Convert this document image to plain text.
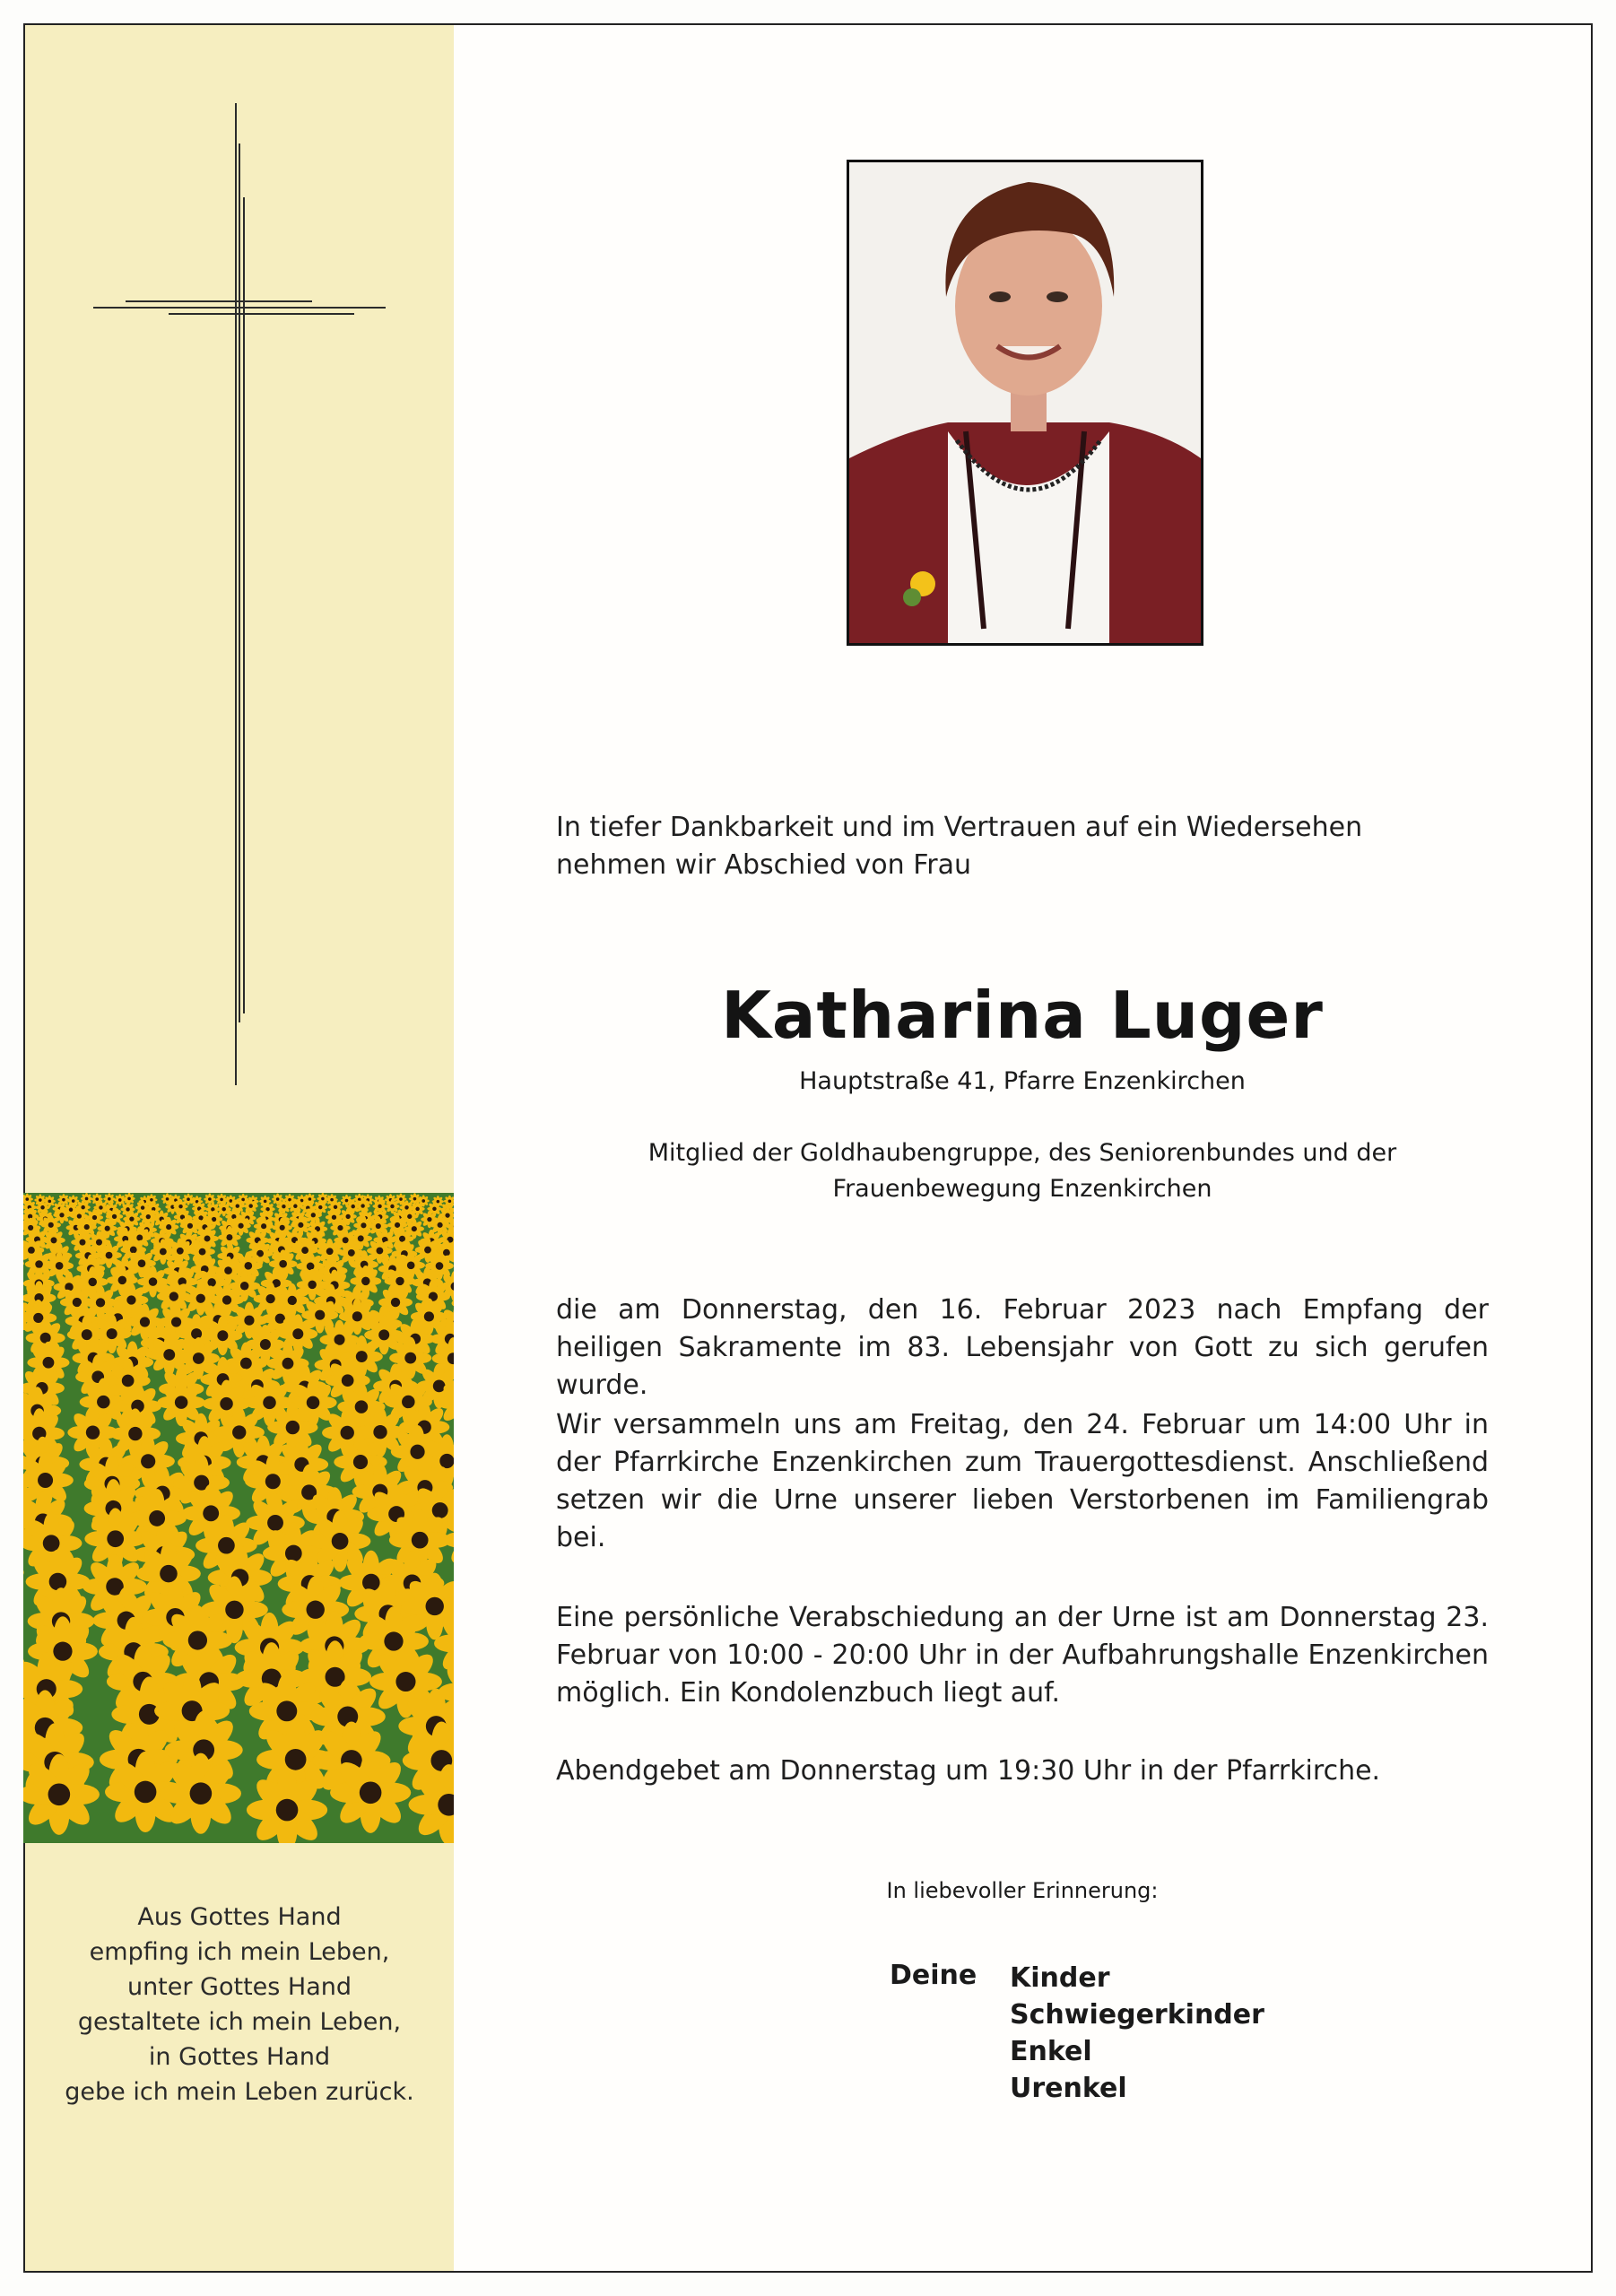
Aus Gottes Hand
empfing ich mein Leben,
unter Gottes Hand
gestaltete ich mein Leben,
in Gottes Hand
gebe ich mein Leben zurück.
In tiefer Dankbarkeit und im Vertrauen auf ein Wiedersehen
nehmen wir Abschied von Frau
Katharina Luger
Hauptstraße 41, Pfarre Enzenkirchen
Mitglied der Goldhaubengruppe, des Seniorenbundes und der
Frauenbewegung Enzenkirchen
die am Donnerstag, den 16. Februar 2023 nach Empfang der heiligen Sakramente im 83. Lebensjahr von Gott zu sich gerufen wurde.
Wir versammeln uns am Freitag, den 24. Februar um 14:00 Uhr in der Pfarrkirche Enzenkirchen zum Trauergottesdienst. Anschließend setzen wir die Urne unserer lieben Verstorbenen im Familiengrab bei.
Eine persönliche Verabschiedung an der Urne ist am Donnerstag 23. Februar von 10:00 - 20:00 Uhr in der Aufbahrungshalle Enzenkirchen möglich. Ein Kondolenzbuch liegt auf.
Abendgebet am Donnerstag um 19:30 Uhr in der Pfarrkirche.
In liebevoller Erinnerung:
Deine Kinder
Schwiegerkinder
Enkel
Urenkel
